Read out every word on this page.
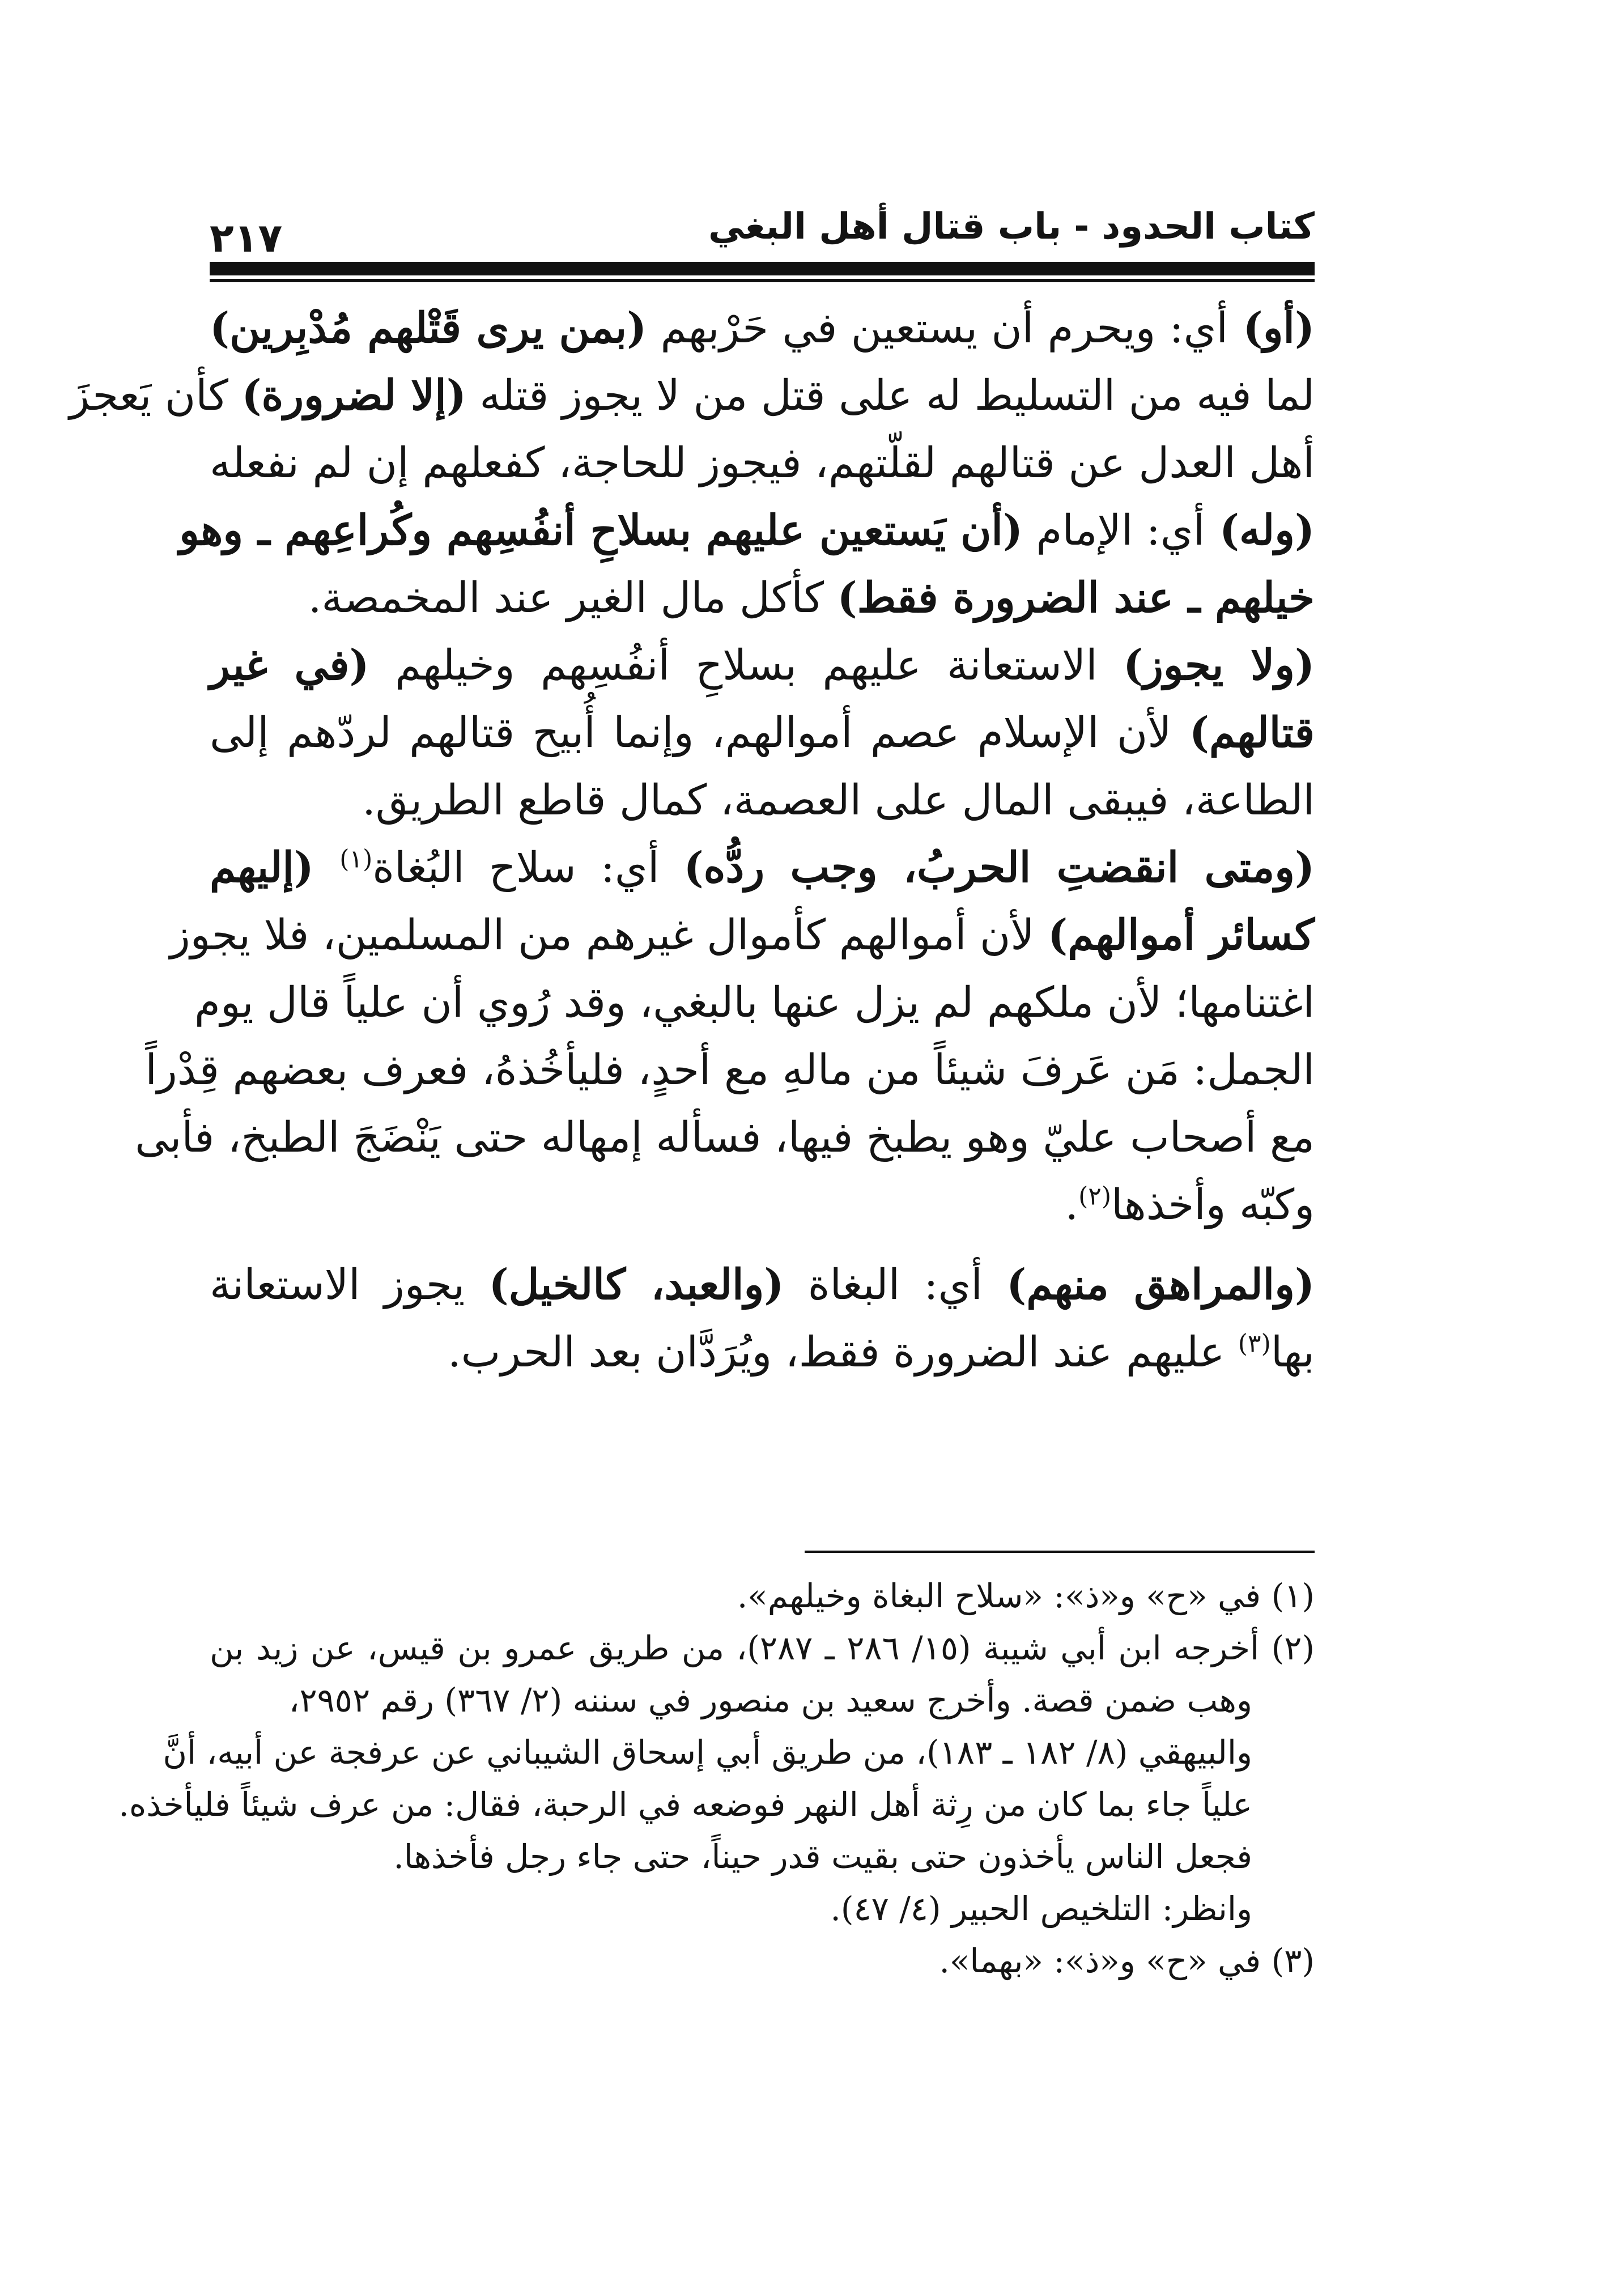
كتاب الحدود - باب قتال أهل البغي
٢١٧
(أو) أي: ويحرم أن يستعين في حَرْبهم (بمن يرى قَتْلهم مُدْبِرين)
لما فيه من التسليط له على قتل من لا يجوز قتله (إلا لضرورة) كأن يَعجزَ
أهل العدل عن قتالهم لقلّتهم، فيجوز للحاجة، كفعلهم إن لم نفعله
(وله) أي: الإمام (أن يَستعين عليهم بسلاحِ أنفُسِهم وكُراعِهم ـ وهو
خيلهم ـ عند الضرورة فقط) كأكل مال الغير عند المخمصة.
(ولا يجوز) الاستعانة عليهم بسلاحِ أنفُسِهم وخيلهم (في غير
قتالهم) لأن الإسلام عصم أموالهم، وإنما أُبيح قتالهم لردّهم إلى
الطاعة، فيبقى المال على العصمة، كمال قاطع الطريق.
(ومتى انقضتِ الحربُ، وجب ردُّه) أي: سلاح البُغاة$^{(١)}$ (إليهم
كسائر أموالهم) لأن أموالهم كأموال غيرهم من المسلمين، فلا يجوز
اغتنامها؛ لأن ملكهم لم يزل عنها بالبغي، وقد رُوي أن علياً قال يوم
الجمل: مَن عَرفَ شيئاً من مالهِ مع أحدٍ، فليأخُذهُ، فعرف بعضهم قِدْراً
مع أصحاب عليّ وهو يطبخ فيها، فسأله إمهاله حتى يَنْضَجَ الطبخ، فأبى
وكبّه وأخذها$^{(٢)}$.
(والمراهق منهم) أي: البغاة (والعبد، كالخيل) يجوز الاستعانة
بها$^{(٣)}$ عليهم عند الضرورة فقط، ويُرَدَّان بعد الحرب.
(١) في «ح» و«ذ»: «سلاح البغاة وخيلهم».
(٢) أخرجه ابن أبي شيبة (١٥/ ٢٨٦ ـ ٢٨٧)، من طريق عمرو بن قيس، عن زيد بن
وهب ضمن قصة. وأخرج سعيد بن منصور في سننه (٢/ ٣٦٧) رقم ٢٩٥٢،
والبيهقي (٨/ ١٨٢ ـ ١٨٣)، من طريق أبي إسحاق الشيباني عن عرفجة عن أبيه، أنَّ
علياً جاء بما كان من رِثة أهل النهر فوضعه في الرحبة، فقال: من عرف شيئاً فليأخذه.
فجعل الناس يأخذون حتى بقيت قدر حيناً، حتى جاء رجل فأخذها.
وانظر: التلخيص الحبير (٤/ ٤٧).
(٣) في «ح» و«ذ»: «بهما».
